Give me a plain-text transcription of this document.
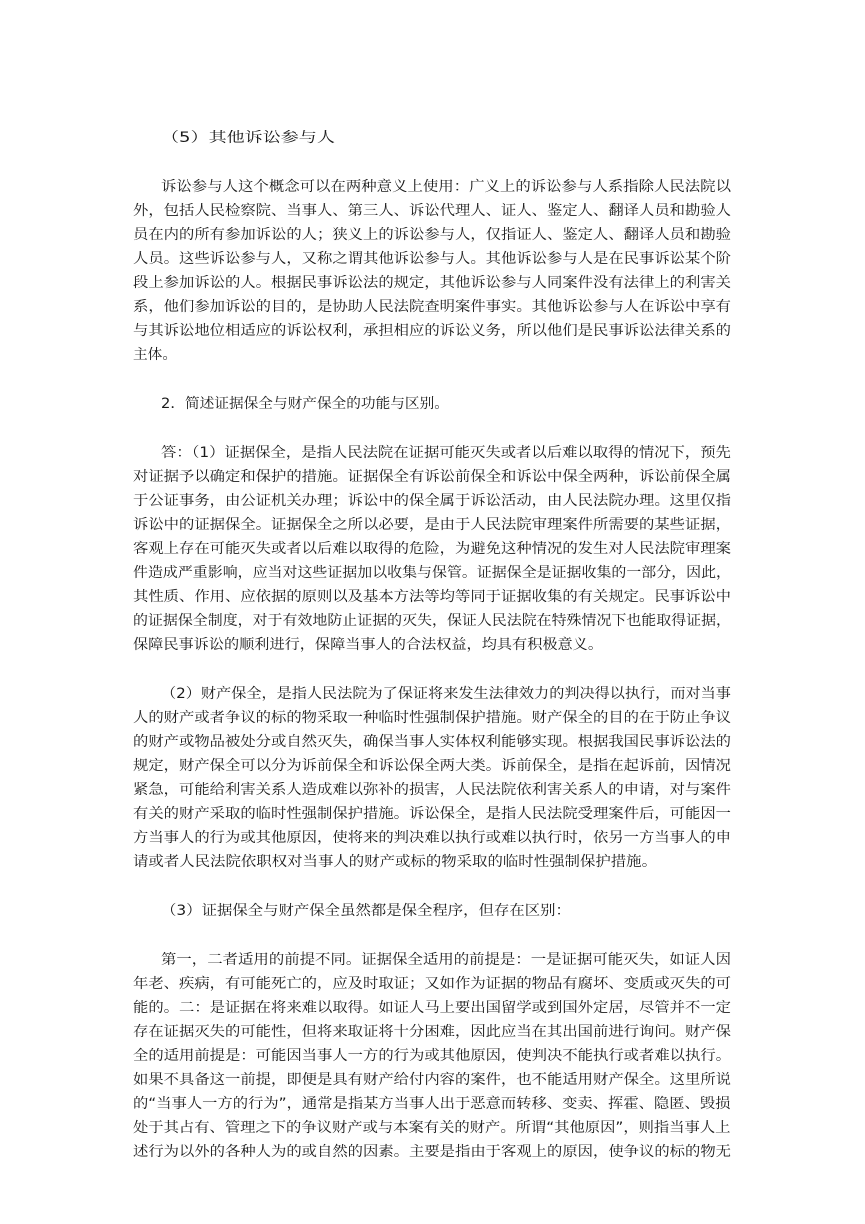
（5）其他诉讼参与人
诉讼参与人这个概念可以在两种意义上使用：广义上的诉讼参与人系指除人民法院以
外，包括人民检察院、当事人、第三人、诉讼代理人、证人、鉴定人、翻译人员和勘验人
员在内的所有参加诉讼的人；狭义上的诉讼参与人，仅指证人、鉴定人、翻译人员和勘验
人员。这些诉讼参与人，又称之谓其他诉讼参与人。其他诉讼参与人是在民事诉讼某个阶
段上参加诉讼的人。根据民事诉讼法的规定，其他诉讼参与人同案件没有法律上的利害关
系，他们参加诉讼的目的，是协助人民法院查明案件事实。其他诉讼参与人在诉讼中享有
与其诉讼地位相适应的诉讼权利，承担相应的诉讼义务，所以他们是民事诉讼法律关系的
主体。
2．简述证据保全与财产保全的功能与区别。
答：（1）证据保全，是指人民法院在证据可能灭失或者以后难以取得的情况下，预先
对证据予以确定和保护的措施。证据保全有诉讼前保全和诉讼中保全两种，诉讼前保全属
于公证事务，由公证机关办理；诉讼中的保全属于诉讼活动，由人民法院办理。这里仅指
诉讼中的证据保全。证据保全之所以必要，是由于人民法院审理案件所需要的某些证据，
客观上存在可能灭失或者以后难以取得的危险，为避免这种情况的发生对人民法院审理案
件造成严重影响，应当对这些证据加以收集与保管。证据保全是证据收集的一部分，因此，
其性质、作用、应依据的原则以及基本方法等均等同于证据收集的有关规定。民事诉讼中
的证据保全制度，对于有效地防止证据的灭失，保证人民法院在特殊情况下也能取得证据，
保障民事诉讼的顺利进行，保障当事人的合法权益，均具有积极意义。
（2）财产保全，是指人民法院为了保证将来发生法律效力的判决得以执行，而对当事
人的财产或者争议的标的物采取一种临时性强制保护措施。财产保全的目的在于防止争议
的财产或物品被处分或自然灭失，确保当事人实体权利能够实现。根据我国民事诉讼法的
规定，财产保全可以分为诉前保全和诉讼保全两大类。诉前保全，是指在起诉前，因情况
紧急，可能给利害关系人造成难以弥补的损害，人民法院依利害关系人的申请，对与案件
有关的财产采取的临时性强制保护措施。诉讼保全，是指人民法院受理案件后，可能因一
方当事人的行为或其他原因，使将来的判决难以执行或难以执行时，依另一方当事人的申
请或者人民法院依职权对当事人的财产或标的物采取的临时性强制保护措施。
（3）证据保全与财产保全虽然都是保全程序，但存在区别：
第一，二者适用的前提不同。证据保全适用的前提是：一是证据可能灭失，如证人因
年老、疾病，有可能死亡的，应及时取证；又如作为证据的物品有腐坏、变质或灭失的可
能的。二：是证据在将来难以取得。如证人马上要出国留学或到国外定居，尽管并不一定
存在证据灭失的可能性，但将来取证将十分困难，因此应当在其出国前进行询问。财产保
全的适用前提是：可能因当事人一方的行为或其他原因，使判决不能执行或者难以执行。
如果不具备这一前提，即便是具有财产给付内容的案件，也不能适用财产保全。这里所说
的“当事人一方的行为”，通常是指某方当事人出于恶意而转移、变卖、挥霍、隐匿、毁损
处于其占有、管理之下的争议财产或与本案有关的财产。所谓“其他原因”，则指当事人上
述行为以外的各种人为的或自然的因素。主要是指由于客观上的原因，使争议的标的物无
